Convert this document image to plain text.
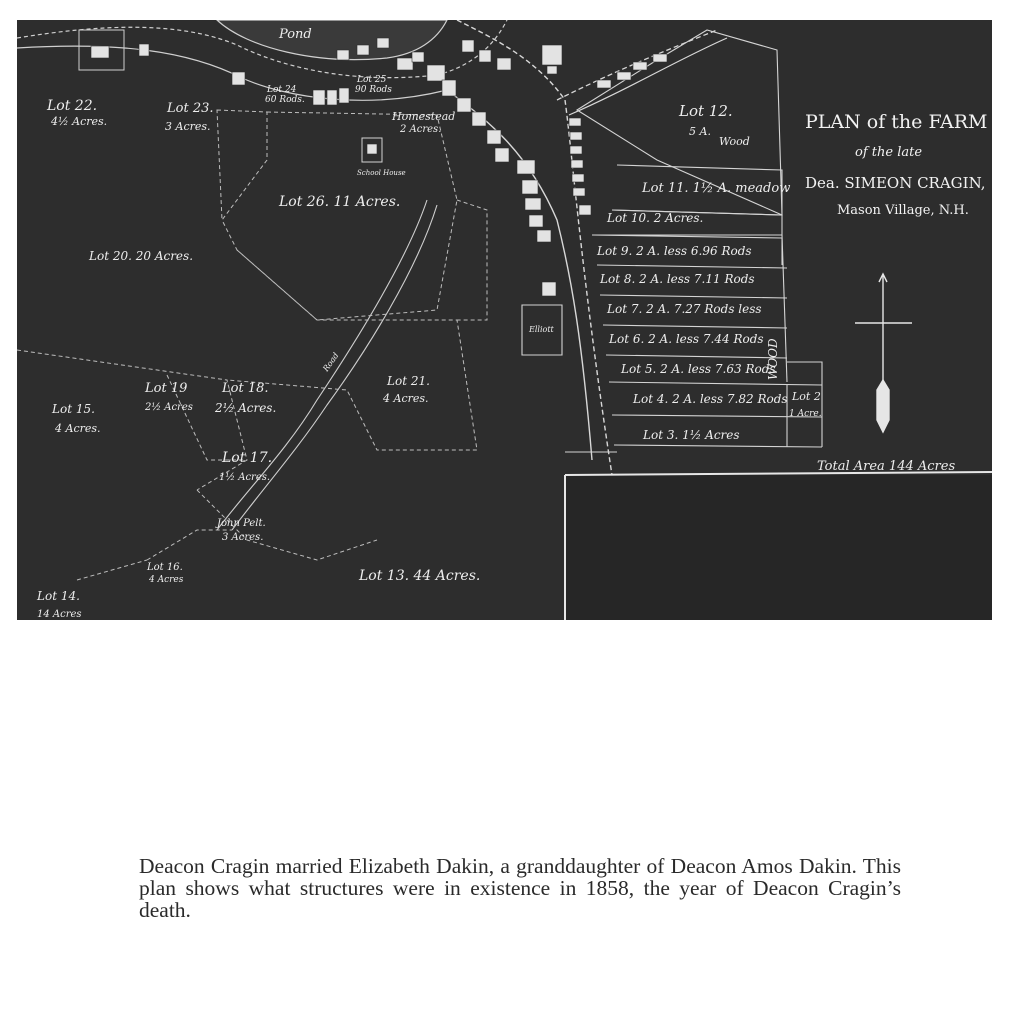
PLAN of the FARM
of the late
Dea. SIMEON CRAGIN,
Mason Village, N.H.
Pond
Total Area 144 Acres
Lot 22.
4½ Acres.
Lot 23.
3 Acres.
Lot 24
60 Rods.
Lot 25
90 Rods
Homestead
2 Acres.
School House
Lot 26. 11 Acres.
Lot 20. 20 Acres.
Lot 12.
5 A.
Wood
Lot 11. 1½ A. meadow
Lot 10. 2 Acres.
Lot 9. 2 A. less 6.96 Rods
Lot 8. 2 A. less 7.11 Rods
Lot 7. 2 A. 7.27 Rods less
Lot 6. 2 A. less 7.44 Rods
Lot 5. 2 A. less 7.63 Rods
Lot 4. 2 A. less 7.82 Rods
Lot 3. 1½ Acres
Lot 2
1 Acre.
Elliott
Lot 21.
4 Acres.
Lot 19
2½ Acres
Lot 18.
2½ Acres.
Lot 15.
4 Acres.
Lot 17.
1½ Acres.
John Pelt.
3 Acres.
Lot 16.
4 Acres	Lot 13. 44 Acres.
Lot 14.
14 Acres
Road	WOOD

Deacon Cragin married Elizabeth Dakin, a granddaughter of Deacon Amos Dakin. This plan shows what structures were in existence in 1858, the year of Deacon Cragin’s death.
